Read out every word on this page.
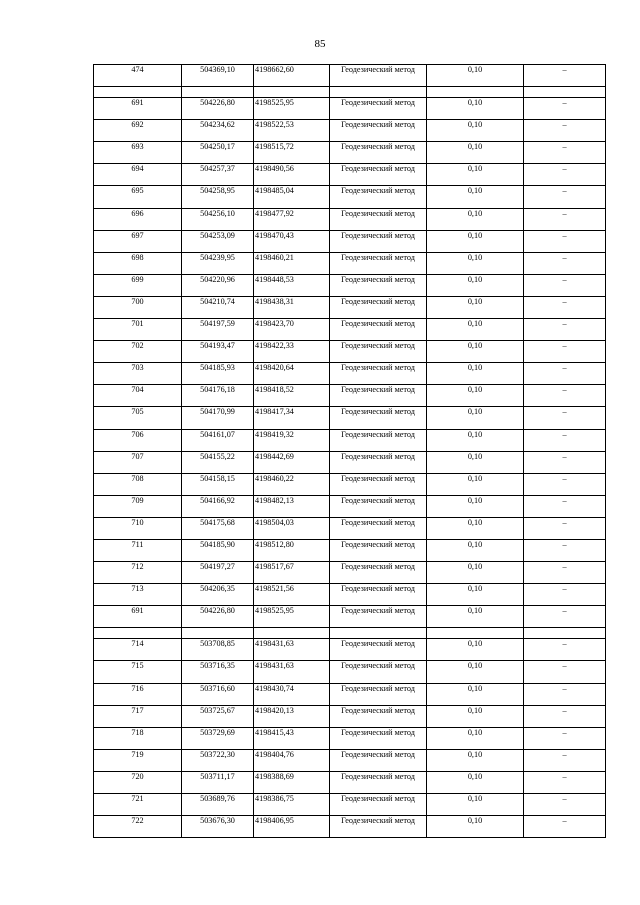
85
474	504369,10	4198662,60	Геодезический метод	0,10	–

691	504226,80	4198525,95	Геодезический метод	0,10	–
692	504234,62	4198522,53	Геодезический метод	0,10	–
693	504250,17	4198515,72	Геодезический метод	0,10	–
694	504257,37	4198490,56	Геодезический метод	0,10	–
695	504258,95	4198485,04	Геодезический метод	0,10	–
696	504256,10	4198477,92	Геодезический метод	0,10	–
697	504253,09	4198470,43	Геодезический метод	0,10	–
698	504239,95	4198460,21	Геодезический метод	0,10	–
699	504220,96	4198448,53	Геодезический метод	0,10	–
700	504210,74	4198438,31	Геодезический метод	0,10	–
701	504197,59	4198423,70	Геодезический метод	0,10	–
702	504193,47	4198422,33	Геодезический метод	0,10	–
703	504185,93	4198420,64	Геодезический метод	0,10	–
704	504176,18	4198418,52	Геодезический метод	0,10	–
705	504170,99	4198417,34	Геодезический метод	0,10	–
706	504161,07	4198419,32	Геодезический метод	0,10	–
707	504155,22	4198442,69	Геодезический метод	0,10	–
708	504158,15	4198460,22	Геодезический метод	0,10	–
709	504166,92	4198482,13	Геодезический метод	0,10	–
710	504175,68	4198504,03	Геодезический метод	0,10	–
711	504185,90	4198512,80	Геодезический метод	0,10	–
712	504197,27	4198517,67	Геодезический метод	0,10	–
713	504206,35	4198521,56	Геодезический метод	0,10	–
691	504226,80	4198525,95	Геодезический метод	0,10	–

714	503708,85	4198431,63	Геодезический метод	0,10	–
715	503716,35	4198431,63	Геодезический метод	0,10	–
716	503716,60	4198430,74	Геодезический метод	0,10	–
717	503725,67	4198420,13	Геодезический метод	0,10	–
718	503729,69	4198415,43	Геодезический метод	0,10	–
719	503722,30	4198404,76	Геодезический метод	0,10	–
720	503711,17	4198388,69	Геодезический метод	0,10	–
721	503689,76	4198386,75	Геодезический метод	0,10	–
722	503676,30	4198406,95	Геодезический метод	0,10	–
